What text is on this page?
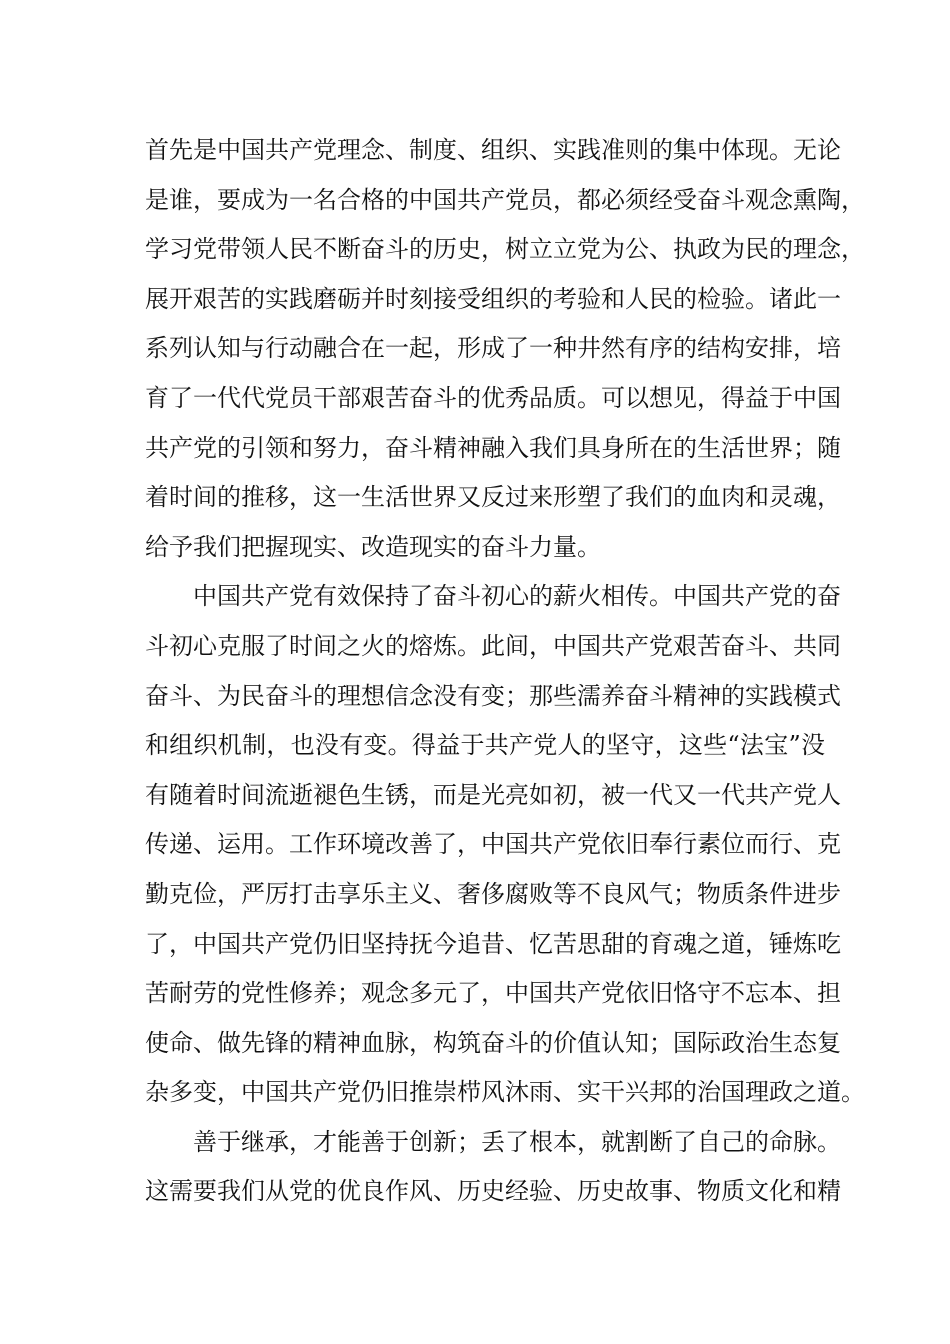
首先是中国共产党理念、制度、组织、实践准则的集中体现。无论
是谁，要成为一名合格的中国共产党员，都必须经受奋斗观念熏陶，
学习党带领人民不断奋斗的历史，树立立党为公、执政为民的理念，
展开艰苦的实践磨砺并时刻接受组织的考验和人民的检验。诸此一
系列认知与行动融合在一起，形成了一种井然有序的结构安排，培
育了一代代党员干部艰苦奋斗的优秀品质。可以想见，得益于中国
共产党的引领和努力，奋斗精神融入我们具身所在的生活世界；随
着时间的推移，这一生活世界又反过来形塑了我们的血肉和灵魂，
给予我们把握现实、改造现实的奋斗力量。
中国共产党有效保持了奋斗初心的薪火相传。中国共产党的奋
斗初心克服了时间之火的熔炼。此间，中国共产党艰苦奋斗、共同
奋斗、为民奋斗的理想信念没有变；那些濡养奋斗精神的实践模式
和组织机制，也没有变。得益于共产党人的坚守，这些“法宝”没
有随着时间流逝褪色生锈，而是光亮如初，被一代又一代共产党人
传递、运用。工作环境改善了，中国共产党依旧奉行素位而行、克
勤克俭，严厉打击享乐主义、奢侈腐败等不良风气；物质条件进步
了，中国共产党仍旧坚持抚今追昔、忆苦思甜的育魂之道，锤炼吃
苦耐劳的党性修养；观念多元了，中国共产党依旧恪守不忘本、担
使命、做先锋的精神血脉，构筑奋斗的价值认知；国际政治生态复
杂多变，中国共产党仍旧推崇栉风沐雨、实干兴邦的治国理政之道。
善于继承，才能善于创新；丢了根本，就割断了自己的命脉。
这需要我们从党的优良作风、历史经验、历史故事、物质文化和精
